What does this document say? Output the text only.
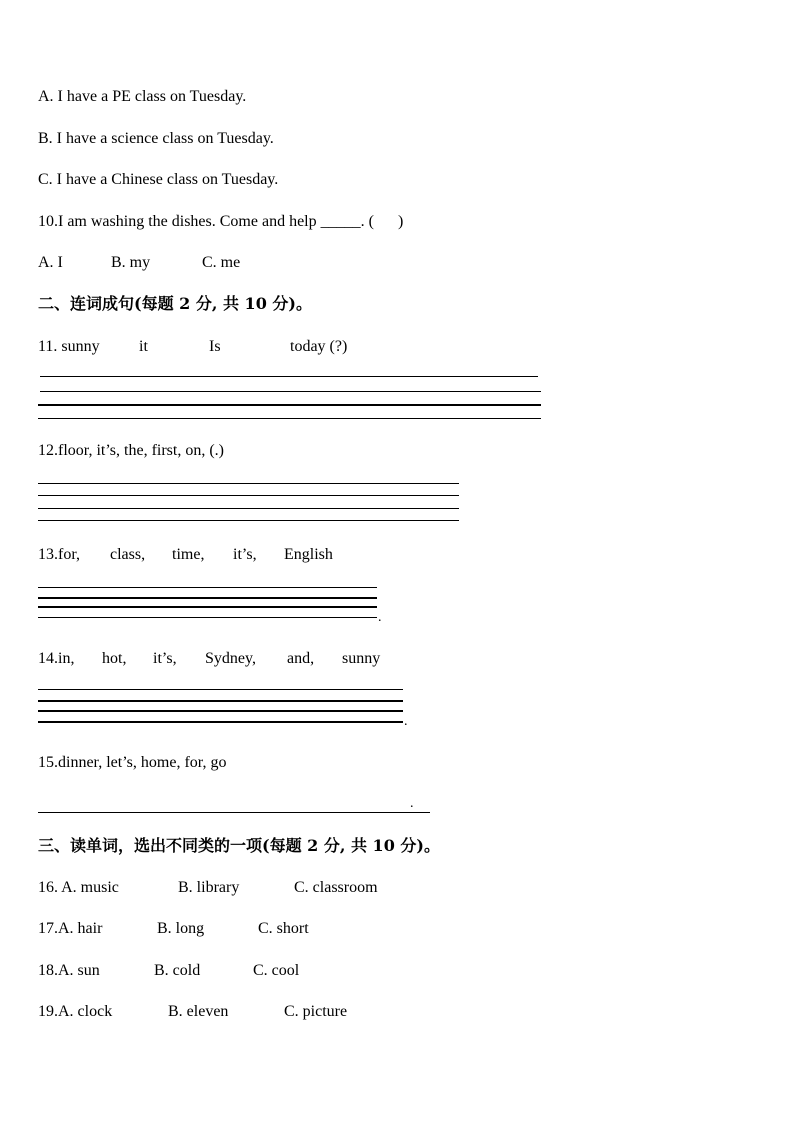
A. I have a PE class on Tuesday.
B. I have a science class on Tuesday.
C. I have a Chinese class on Tuesday.
10.I am washing the dishes. Come and help _____. (      )
A. I	B. my	C. me
二、连词成句(每题 2 分, 共 10 分)。
11. sunny it	Is	today (?)
12.floor, it’s, the, first, on, (.)
13.for, class, time, it’s, English
.
14.in, hot, it’s, Sydney, and, sunny
.
15.dinner, let’s, home, for, go
.
三、读单词，选出不同类的一项(每题 2 分, 共 10 分)。
16. A. music	B. library	C. classroom
17.A. hair	B. long	C. short
18.A. sun	B. cold	C. cool
19.A. clock	B. eleven	C. picture
